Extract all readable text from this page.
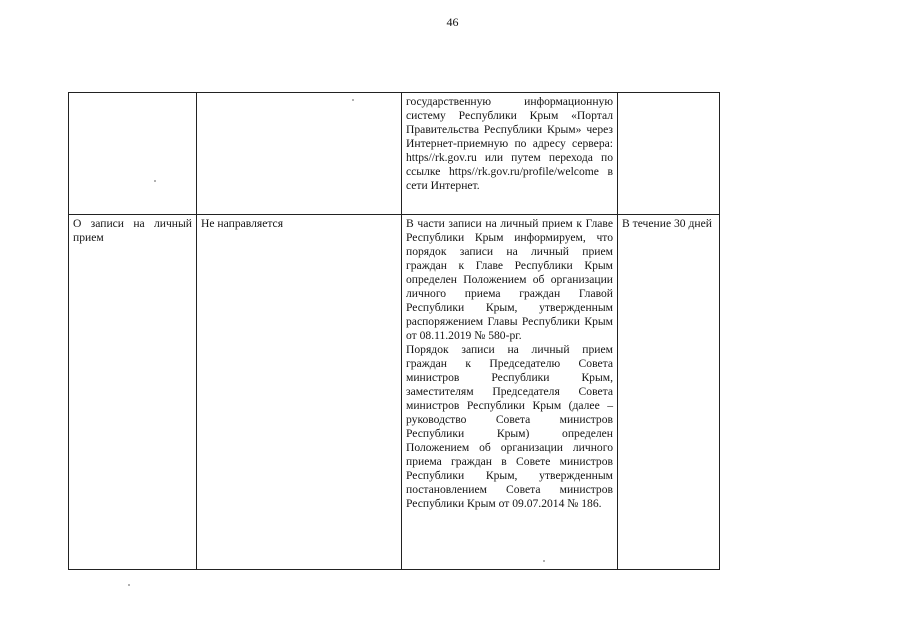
46

		государственную информационную систему Республики Крым «Портал Правительства Республики Крым» через Интернет-приемную по адресу сервера: https//rk.gov.ru или путем перехода по ссылке https//rk.gov.ru/profile/welcome в сети Интернет.	

О записи на личный прием	Не направляется	В части записи на личный прием к Главе Республики Крым информируем, что порядок записи на личный прием граждан к Главе Республики Крым определен Положением об организации личного приема граждан Главой Республики Крым, утвержденным распоряжением Главы Республики Крым от 08.11.2019 № 580-рг.

Порядок записи на личный прием граждан к Председателю Совета министров Республики Крым, заместителям Председателя Совета министров Республики Крым (далее – руководство Совета министров Республики Крым) определен Положением об организации личного приема граждан в Совете министров Республики Крым, утвержденным постановлением Совета министров Республики Крым от 09.07.2014 № 186.	В течение 30 дней
